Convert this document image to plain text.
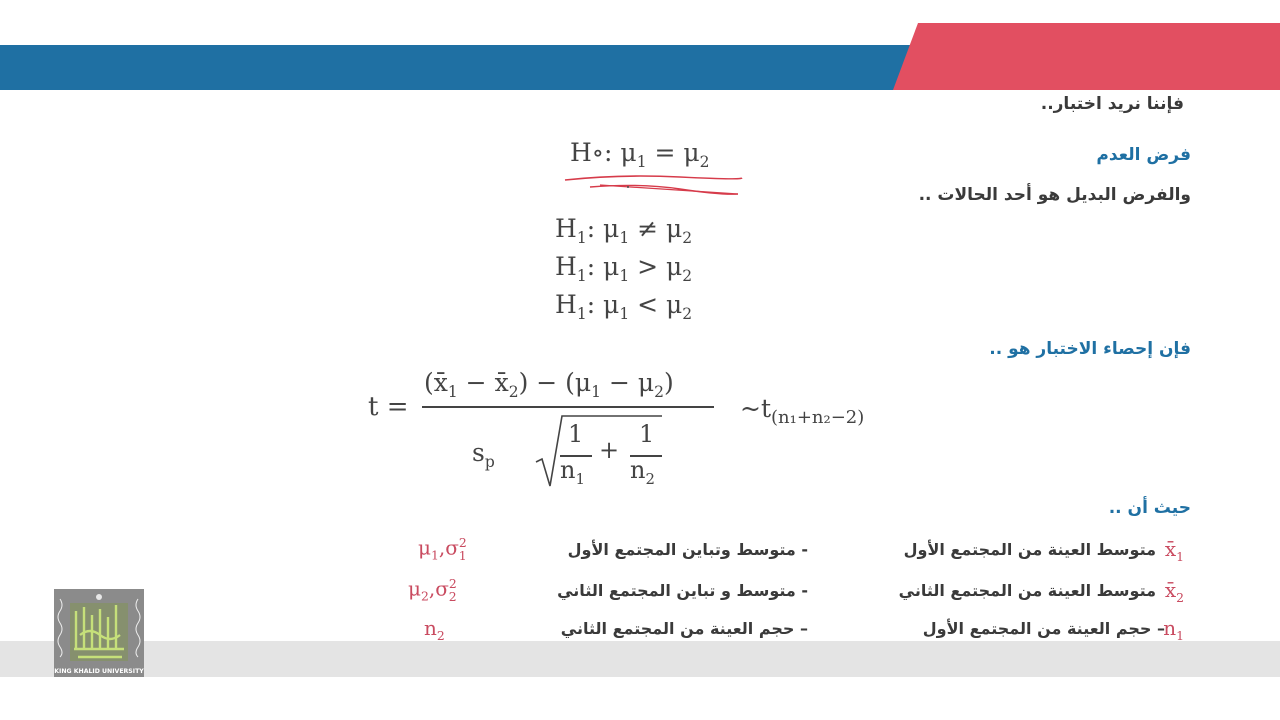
فإننا نريد اختبار..
فرض العدم
والفرض البديل هو أحد الحالات ..
فإن إحصاء الاختبار هو ..
حيث أن ..
H∘: $\mu_1 = \mu_2$
$H_1$: $\mu_1 \ne \mu_2$
$H_1$: $\mu_1 > \mu_2$
$H_1$: $\mu_1 < \mu_2$
t =
($x̄_1$ − $x̄_2) - (\mu_1 - \mu_2)$
$s_p$
1
$n_1$
+
1
$n_2$
$\sim t_{(n_1+n_2-2)}$
$x̄_1$
متوسط العينة من المجتمع الأول
$x̄_2$
متوسط العينة من المجتمع الثاني
$n_1$
– حجم العينة من المجتمع الأول
- متوسط وتباين المجتمع الأول
$\mu_1,\sigma^2_1$
- متوسط و تباين المجتمع الثاني
$\mu_2,\sigma^2_2$
– حجم العينة من المجتمع الثاني
$n_2$
KING KHALID UNIVERSITY
